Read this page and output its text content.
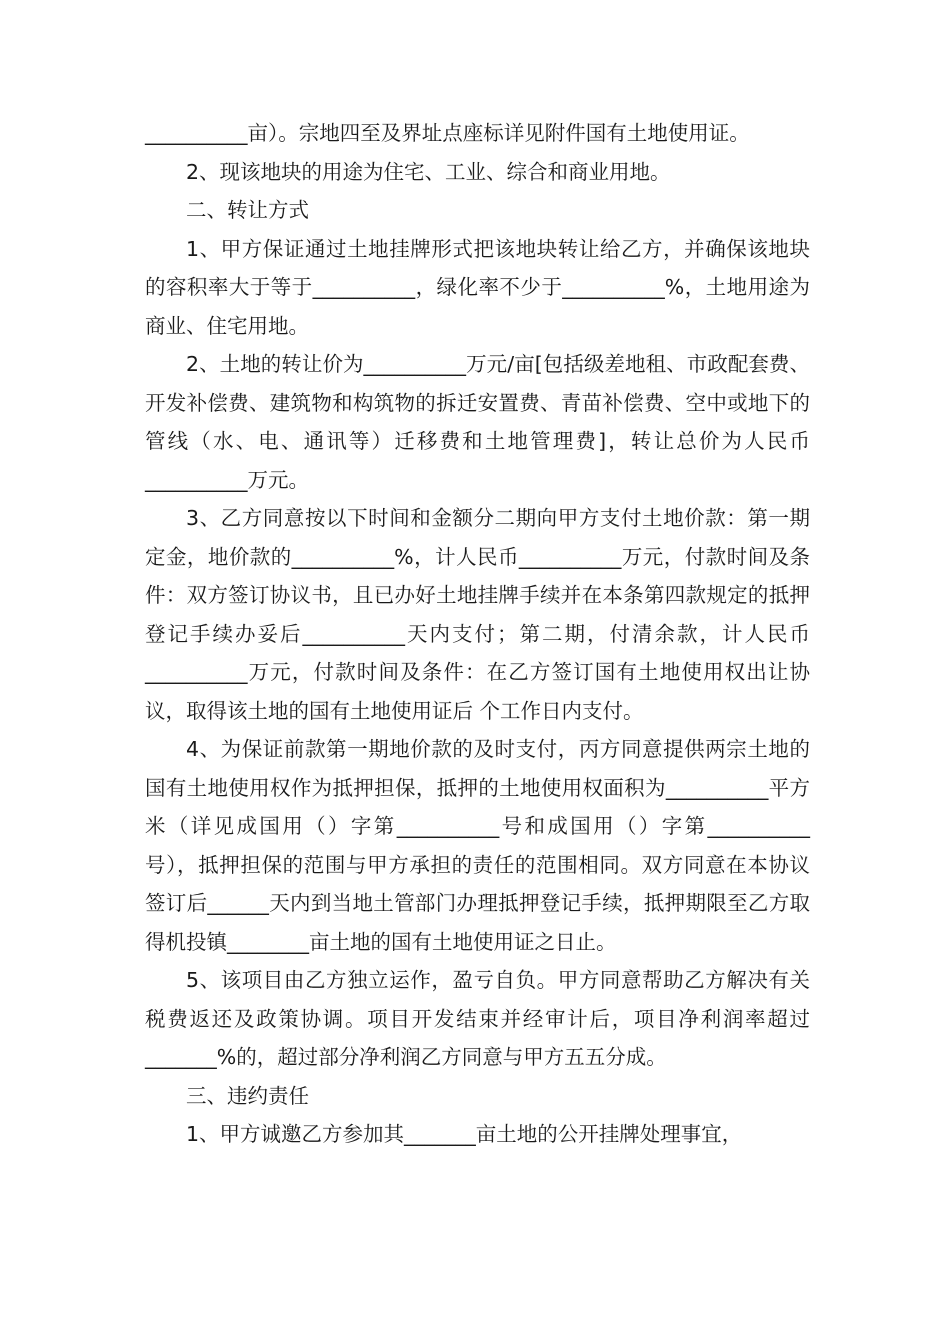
__________亩）。宗地四至及界址点座标详见附件国有土地使用证。

2、现该地块的用途为住宅、工业、综合和商业用地。

二、转让方式

1、甲方保证通过土地挂牌形式把该地块转让给乙方，并确保该地块的容积率大于等于__________，绿化率不少于__________%，土地用途为商业、住宅用地。

2、土地的转让价为__________万元/亩[包括级差地租、市政配套费、开发补偿费、建筑物和构筑物的拆迁安置费、青苗补偿费、空中或地下的管线（水、电、通讯等）迁移费和土地管理费]，转让总价为人民币__________万元。

3、乙方同意按以下时间和金额分二期向甲方支付土地价款：第一期定金，地价款的__________%，计人民币__________万元，付款时间及条件：双方签订协议书，且已办好土地挂牌手续并在本条第四款规定的抵押登记手续办妥后__________天内支付；第二期，付清余款，计人民币__________万元，付款时间及条件：在乙方签订国有土地使用权出让协议，取得该土地的国有土地使用证后 个工作日内支付。

4、为保证前款第一期地价款的及时支付，丙方同意提供两宗土地的国有土地使用权作为抵押担保，抵押的土地使用权面积为__________平方米（详见成国用（）字第__________号和成国用（）字第__________号），抵押担保的范围与甲方承担的责任的范围相同。双方同意在本协议签订后______天内到当地土管部门办理抵押登记手续，抵押期限至乙方取得机投镇________亩土地的国有土地使用证之日止。

5、该项目由乙方独立运作，盈亏自负。甲方同意帮助乙方解决有关税费返还及政策协调。项目开发结束并经审计后，项目净利润率超过_______%的，超过部分净利润乙方同意与甲方五五分成。

三、违约责任

1、甲方诚邀乙方参加其_______亩土地的公开挂牌处理事宜，
